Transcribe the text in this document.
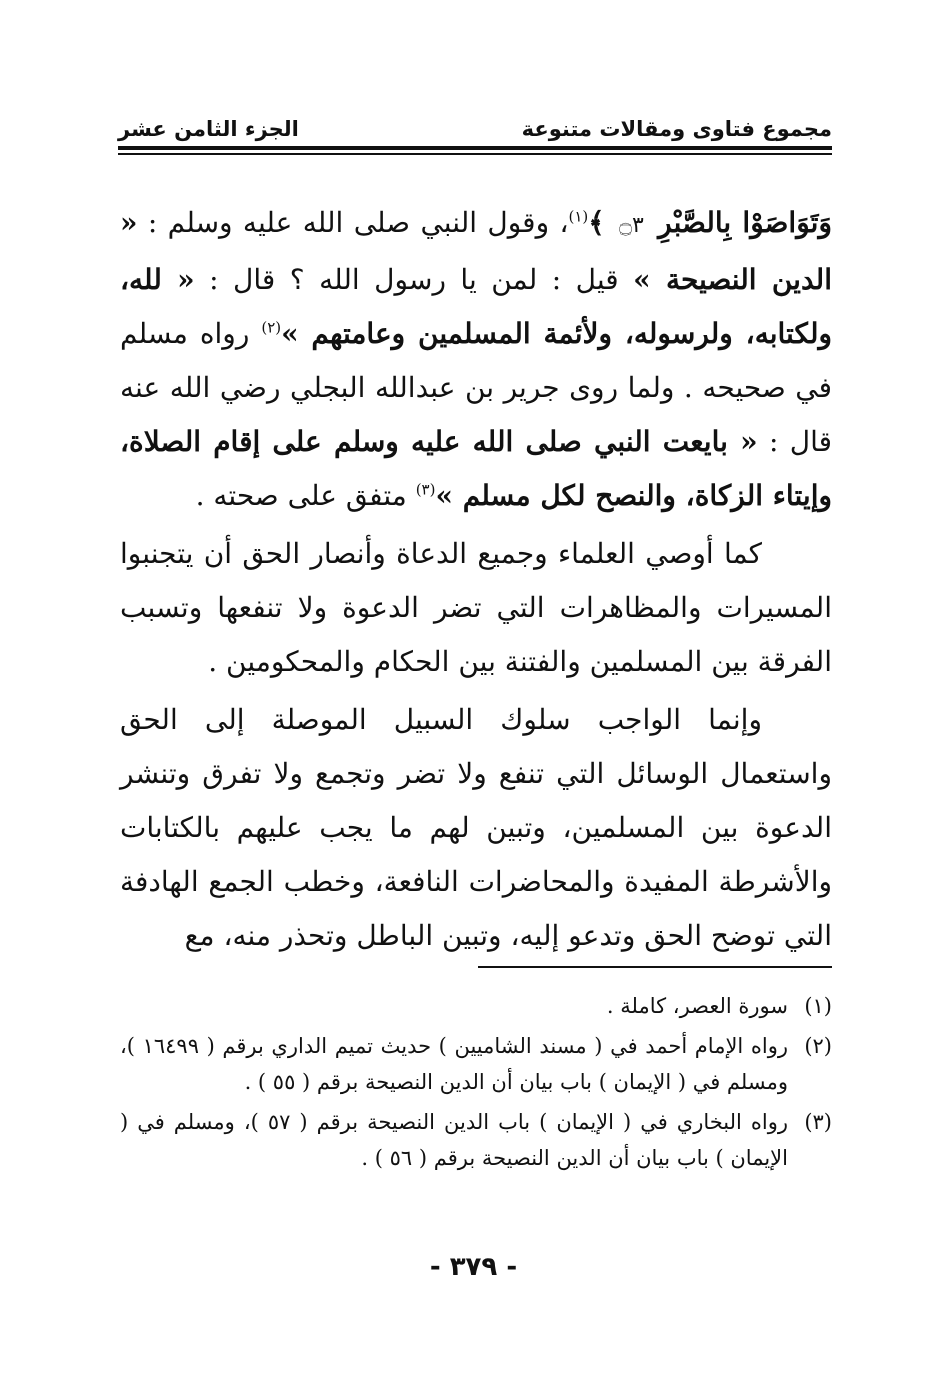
مجموع فتاوى ومقالات متنوعة
الجزء الثامن عشر

وَتَوَاصَوْا بِالصَّبْرِ ۝٣ ﴾$^{(١)}$، وقول النبي صلى الله عليه وسلم : « الدين النصيحة » قيل : لمن يا رسول الله ؟ قال : « لله، ولكتابه، ولرسوله، ولأئمة المسلمين وعامتهم »$^{(٢)}$ رواه مسلم في صحيحه . ولما روى جرير بن عبدالله البجلي رضي الله عنه قال : « بايعت النبي صلى الله عليه وسلم على إقام الصلاة، وإيتاء الزكاة، والنصح لكل مسلم »$^{(٣)}$ متفق على صحته .

كما أوصي العلماء وجميع الدعاة وأنصار الحق أن يتجنبوا المسيرات والمظاهرات التي تضر الدعوة ولا تنفعها وتسبب الفرقة بين المسلمين والفتنة بين الحكام والمحكومين .

وإنما الواجب سلوك السبيل الموصلة إلى الحق واستعمال الوسائل التي تنفع ولا تضر وتجمع ولا تفرق وتنشر الدعوة بين المسلمين، وتبين لهم ما يجب عليهم بالكتابات والأشرطة المفيدة والمحاضرات النافعة، وخطب الجمع الهادفة التي توضح الحق وتدعو إليه، وتبين الباطل وتحذر منه، مع

(١)
سورة العصر، كاملة .
(٢)
رواه الإمام أحمد في ( مسند الشاميين ) حديث تميم الداري برقم ( ١٦٤٩٩ )، ومسلم في ( الإيمان ) باب بيان أن الدين النصيحة برقم ( ٥٥ ) .
(٣)
رواه البخاري في ( الإيمان ) باب الدين النصيحة برقم ( ٥٧ )، ومسلم في ( الإيمان ) باب بيان أن الدين النصيحة برقم ( ٥٦ ) .
- ٣٧٩ -
